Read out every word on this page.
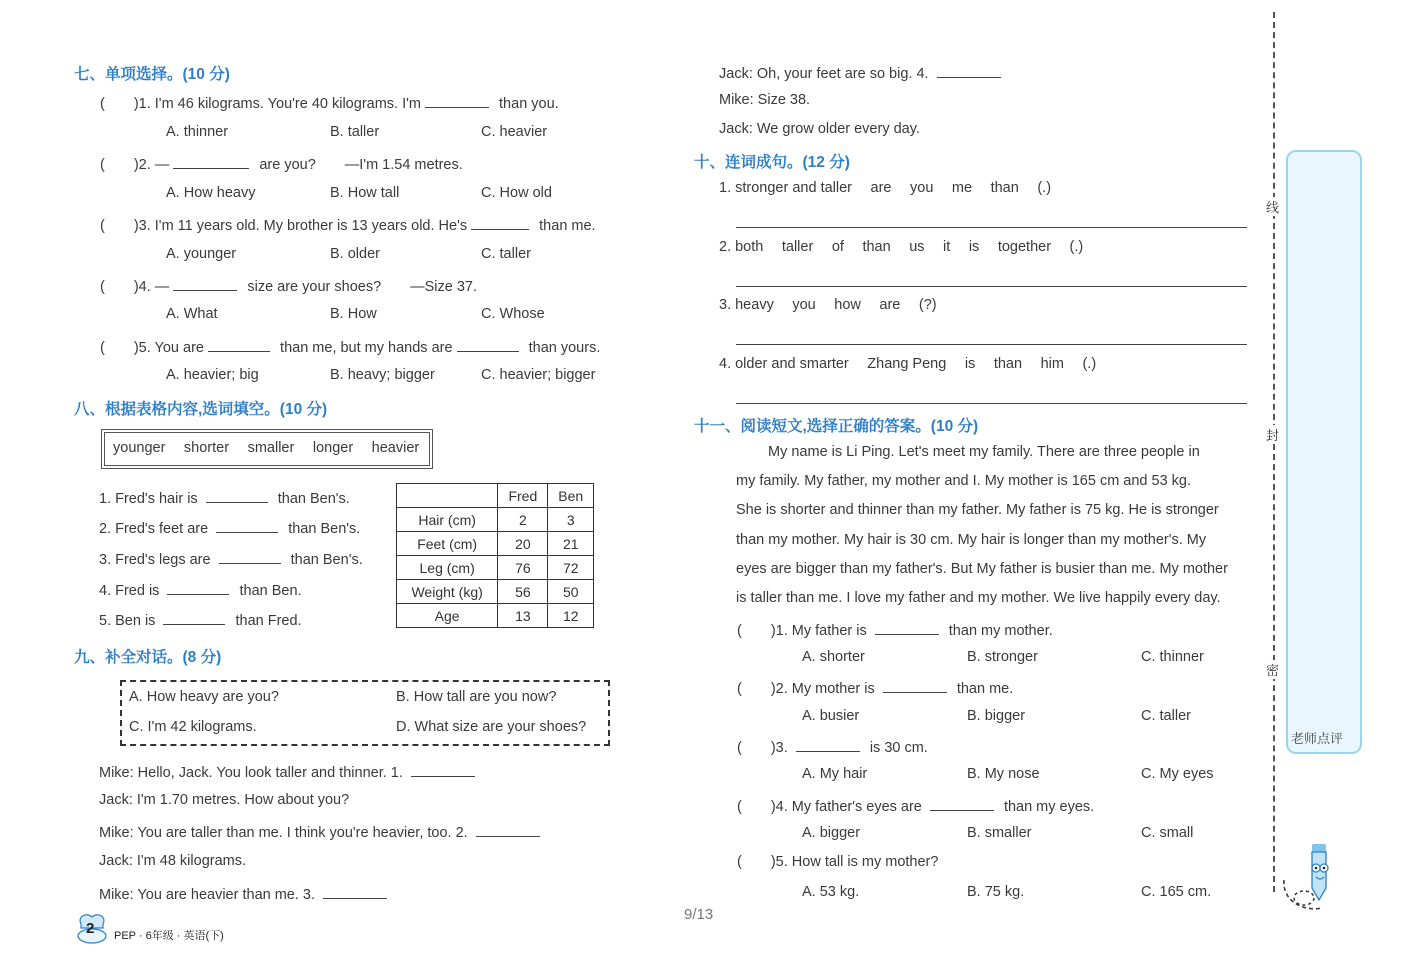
七、单项选择。(10 分)
(  )1. I'm 46 kilograms. You're 40 kilograms. I'm	than you.
A. thinner	B. taller	C. heavier
(  )2. —	are you?  —I'm 1.54 metres.
A. How heavy	B. How tall	C. How old
(  )3. I'm 11 years old. My brother is 13 years old. He's	than me.
A. younger	B. older	C. taller
(  )4. —	size are your shoes?  —Size 37.
A. What	B. How	C. Whose
(  )5. You are	than me, but my hands are	than yours.
A. heavier; big	B. heavy; bigger	C. heavier; bigger
八、根据表格内容,选词填空。(10 分)
younger  shorter  smaller  longer  heavier
1. Fred's hair is	than Ben's.
2. Fred's feet are	than Ben's.
3. Fred's legs are	than Ben's.
4. Fred is	than Ben.
5. Ben is	than Fred.
	Fred	Ben
Hair (cm)	2	3
Feet (cm)	20	21
Leg (cm)	76	72
Weight (kg)	56	50
Age	13	12
九、补全对话。(8 分)
A. How heavy are you?	B. How tall are you now?
C. I'm 42 kilograms.	D. What size are your shoes?
Mike: Hello, Jack. You look taller and thinner. 1.
Jack: I'm 1.70 metres. How about you?
Mike: You are taller than me. I think you're heavier, too. 2.
Jack: I'm 48 kilograms.
Mike: You are heavier than me. 3.
2 PEP · 6年级 · 英语(下)
Jack: Oh, your feet are so big. 4.
Mike: Size 38.
Jack: We grow older every day.
十、连词成句。(12 分)
1. stronger and taller  are  you  me  than  (.)
2. both  taller  of  than  us  it  is  together  (.)
3. heavy  you  how  are  (?)
4. older and smarter  Zhang Peng  is  than  him  (.)
十一、阅读短文,选择正确的答案。(10 分)
My name is Li Ping. Let's meet my family. There are three people in
my family. My father, my mother and I. My mother is 165 cm and 53 kg.
She is shorter and thinner than my father. My father is 75 kg. He is stronger
than my mother. My hair is 30 cm. My hair is longer than my mother's. My
eyes are bigger than my father's. But My father is busier than me. My mother
is taller than me. I love my father and my mother. We live happily every day.
(  )1. My father is	than my mother.
A. shorter	B. stronger	C. thinner
(  )2. My mother is	than me.
A. busier	B. bigger	C. taller
(  )3.	is 30 cm.
A. My hair	B. My nose	C. My eyes
(  )4. My father's eyes are	than my eyes.
A. bigger	B. smaller	C. small
(  )5. How tall is my mother?
A. 53 kg.	B. 75 kg.	C. 165 cm.
线
封
密
老师点评
9/13
